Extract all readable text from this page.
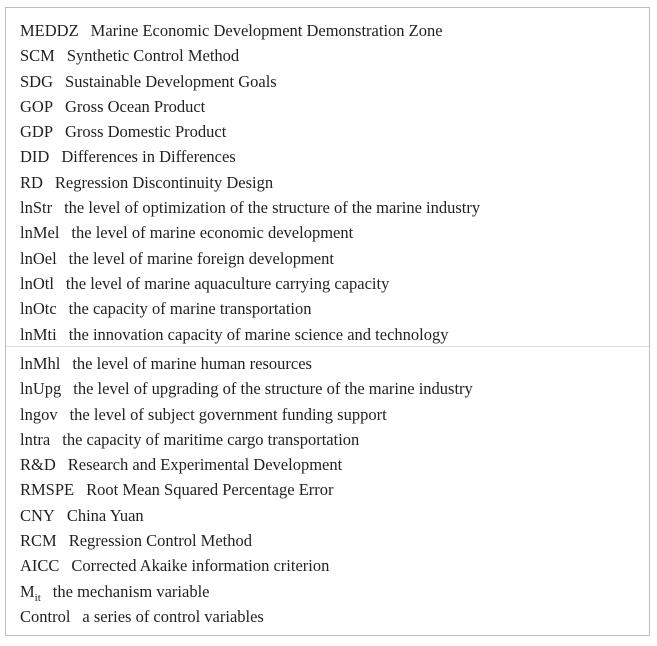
MEDDZ Marine Economic Development Demonstration Zone
SCM Synthetic Control Method
SDG Sustainable Development Goals
GOP Gross Ocean Product
GDP Gross Domestic Product
DID Differences in Differences
RD Regression Discontinuity Design
lnStr the level of optimization of the structure of the marine industry
lnMel the level of marine economic development
lnOel the level of marine foreign development
lnOtl the level of marine aquaculture carrying capacity
lnOtc the capacity of marine transportation
lnMti the innovation capacity of marine science and technology
lnMhl the level of marine human resources
lnUpg the level of upgrading of the structure of the marine industry
lngov the level of subject government funding support
lntra the capacity of maritime cargo transportation
R&D Research and Experimental Development
RMSPE Root Mean Squared Percentage Error
CNY China Yuan
RCM Regression Control Method
AICC Corrected Akaike information criterion
$M_{it}$ the mechanism variable
Control a series of control variables
